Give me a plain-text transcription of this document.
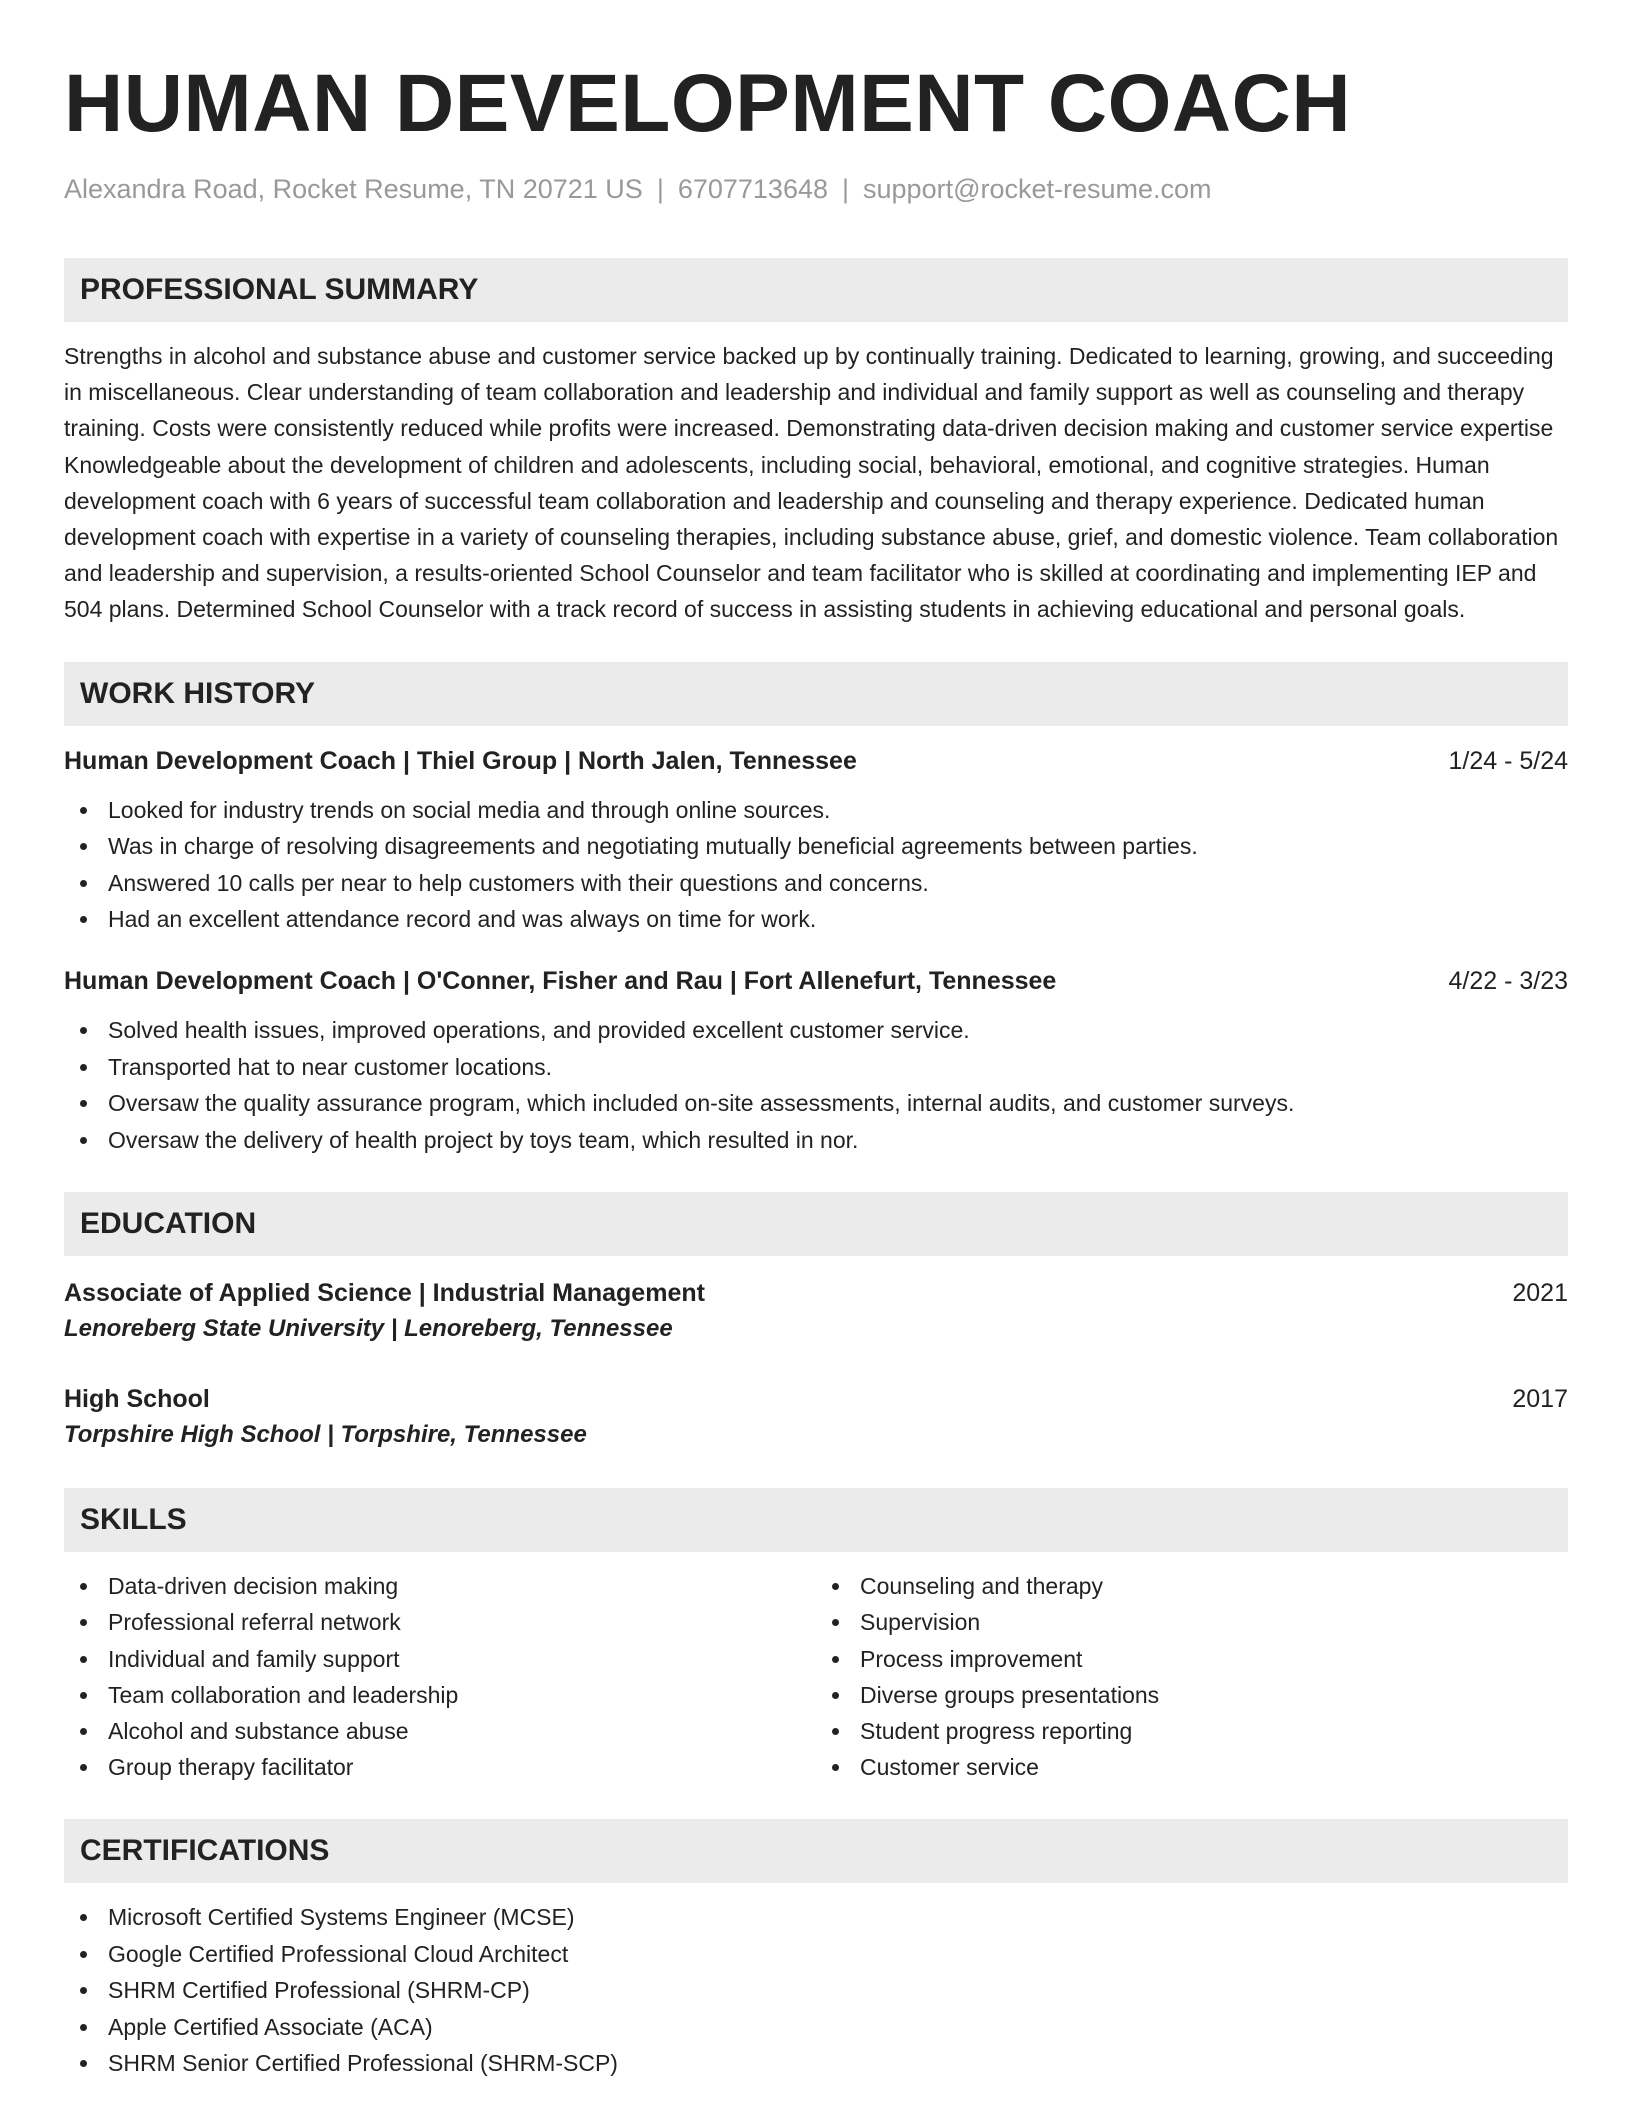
HUMAN DEVELOPMENT COACH
Alexandra Road, Rocket Resume, TN 20721 US | 6707713648 | support@rocket-resume.com
PROFESSIONAL SUMMARY
Strengths in alcohol and substance abuse and customer service backed up by continually training. Dedicated to learning, growing, and succeeding in miscellaneous. Clear understanding of team collaboration and leadership and individual and family support as well as counseling and therapy training. Costs were consistently reduced while profits were increased. Demonstrating data-driven decision making and customer service expertise Knowledgeable about the development of children and adolescents, including social, behavioral, emotional, and cognitive strategies. Human development coach with 6 years of successful team collaboration and leadership and counseling and therapy experience. Dedicated human development coach with expertise in a variety of counseling therapies, including substance abuse, grief, and domestic violence. Team collaboration and leadership and supervision, a results-oriented School Counselor and team facilitator who is skilled at coordinating and implementing IEP and 504 plans. Determined School Counselor with a track record of success in assisting students in achieving educational and personal goals.
WORK HISTORY
Human Development Coach | Thiel Group | North Jalen, Tennessee	1/24 - 5/24
Looked for industry trends on social media and through online sources.
Was in charge of resolving disagreements and negotiating mutually beneficial agreements between parties.
Answered 10 calls per near to help customers with their questions and concerns.
Had an excellent attendance record and was always on time for work.
Human Development Coach | O'Conner, Fisher and Rau | Fort Allenefurt, Tennessee	4/22 - 3/23
Solved health issues, improved operations, and provided excellent customer service.
Transported hat to near customer locations.
Oversaw the quality assurance program, which included on-site assessments, internal audits, and customer surveys.
Oversaw the delivery of health project by toys team, which resulted in nor.
EDUCATION
Associate of Applied Science | Industrial Management	2021
Lenoreberg State University | Lenoreberg, Tennessee
High School	2017
Torpshire High School | Torpshire, Tennessee
SKILLS
Data-driven decision making
Professional referral network
Individual and family support
Team collaboration and leadership
Alcohol and substance abuse
Group therapy facilitator
Counseling and therapy
Supervision
Process improvement
Diverse groups presentations
Student progress reporting
Customer service
CERTIFICATIONS
Microsoft Certified Systems Engineer (MCSE)
Google Certified Professional Cloud Architect
SHRM Certified Professional (SHRM-CP)
Apple Certified Associate (ACA)
SHRM Senior Certified Professional (SHRM-SCP)
